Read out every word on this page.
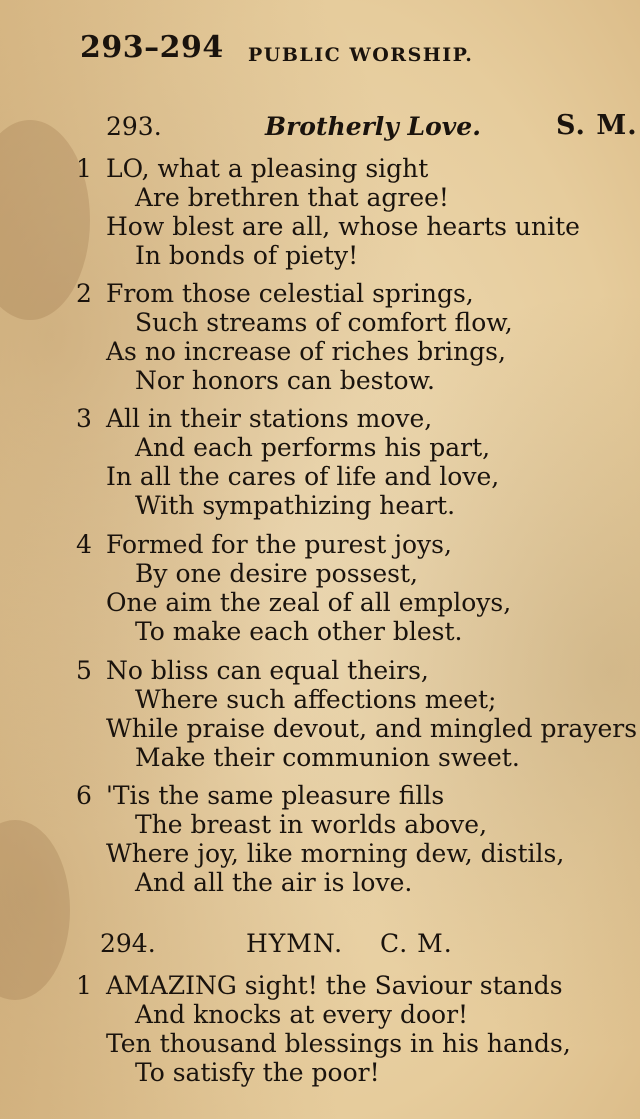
293–294 PUBLIC WORSHIP.
293.	Brotherly Love.	S. M.
1 LO, what a pleasing sight
Are brethren that agree!
How blest are all, whose hearts unite
In bonds of piety!
2 From those celestial springs,
Such streams of comfort flow,
As no increase of riches brings,
Nor honors can bestow.
3 All in their stations move,
And each performs his part,
In all the cares of life and love,
With sympathizing heart.
4 Formed for the purest joys,
By one desire possest,
One aim the zeal of all employs,
To make each other blest.
5 No bliss can equal theirs,
Where such affections meet;
While praise devout, and mingled prayers
Make their communion sweet.
6 'Tis the same pleasure fills
The breast in worlds above,
Where joy, like morning dew, distils,
And all the air is love.
294.	HYMN. C. M.
1 AMAZING sight! the Saviour stands
And knocks at every door!
Ten thousand blessings in his hands,
To satisfy the poor!
